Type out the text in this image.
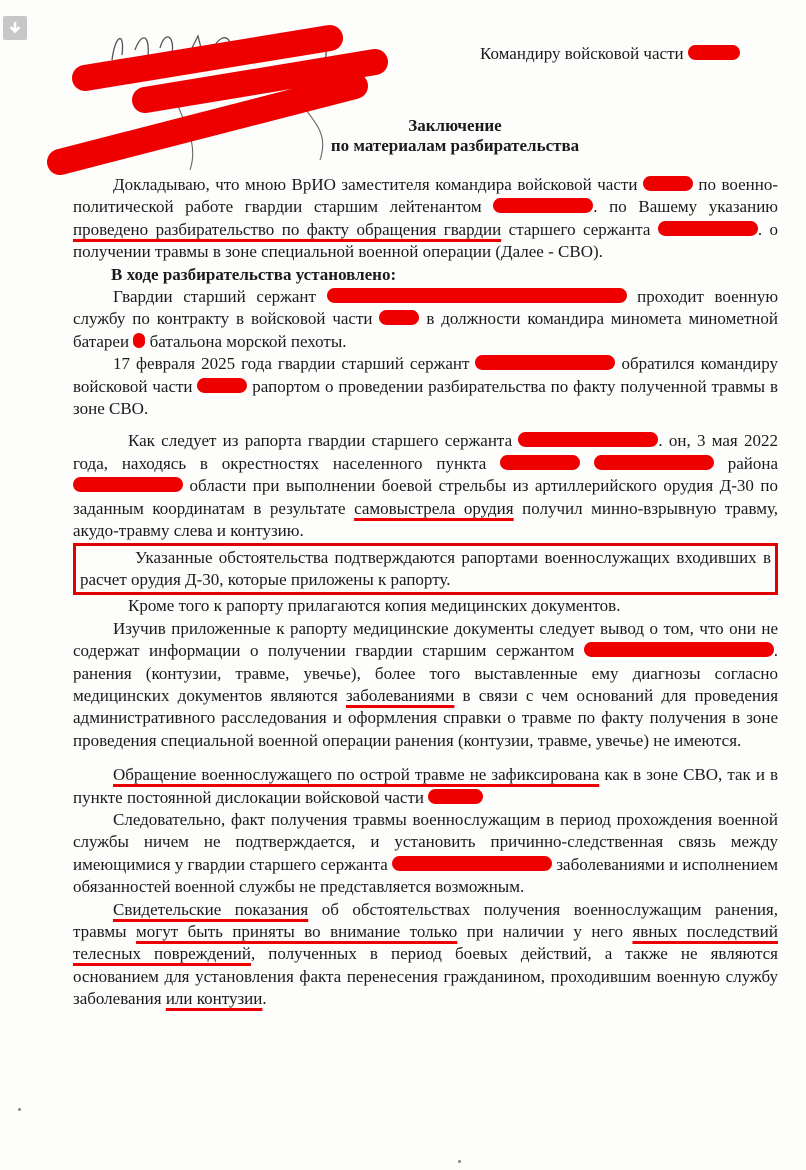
Командиру войсковой части
Заключение
по материалам разбирательства

Докладываю, что мною ВрИО заместителя командира войсковой части	по военно-политической работе гвардии старшим лейтенантом	. по Вашему указанию проведено разбирательство по факту обращения гвардии старшего сержанта	. о получении травмы в зоне специальной военной операции (Далее - СВО).

В ходе разбирательства установлено:

Гвардии старший сержант	проходит военную службу по контракту в войсковой части	в должности командира миномета минометной батареи батальона морской пехоты.

17 февраля 2025 года гвардии старший сержант	обратился командиру войсковой части	рапортом о проведении разбирательства по факту полученной травмы в зоне СВО.

Как следует из рапорта гвардии старшего сержанта	. он, 3 мая 2022 года, находясь в окрестностях населенного пункта	района  области при выполнении боевой стрельбы из артиллерийского орудия Д-30 по заданным координатам в результате самовыстрела орудия получил минно-взрывную травму, акудо-травму слева и контузию.

Указанные обстоятельства подтверждаются рапортами военнослужащих входивших в расчет орудия Д-30, которые приложены к рапорту.

Кроме того к рапорту прилагаются копия медицинских документов.

Изучив приложенные к рапорту медицинские документы следует вывод о том, что они не содержат информации о получении гвардии старшим сержантом	. ранения (контузии, травме, увечье), более того выставленные ему диагнозы согласно медицинских документов являются заболеваниями в связи с чем оснований для проведения административного расследования и оформления справки о травме по факту получения в зоне проведения специальной военной операции ранения (контузии, травме, увечье) не имеются.

Обращение военнослужащего по острой травме не зафиксирована как в зоне СВО, так и в пункте постоянной дислокации войсковой части

Следовательно, факт получения травмы военнослужащим в период прохождения военной службы ничем не подтверждается, и установить причинно-следственная связь между имеющимися у гвардии старшего сержанта	заболеваниями и исполнением обязанностей военной службы не представляется возможным.

Свидетельские показания об обстоятельствах получения военнослужащим ранения, травмы могут быть приняты во внимание только при наличии у него явных последствий телесных повреждений, полученных в период боевых действий, а также не являются основанием для установления факта перенесения гражданином, проходившим военную службу заболевания или контузии.
